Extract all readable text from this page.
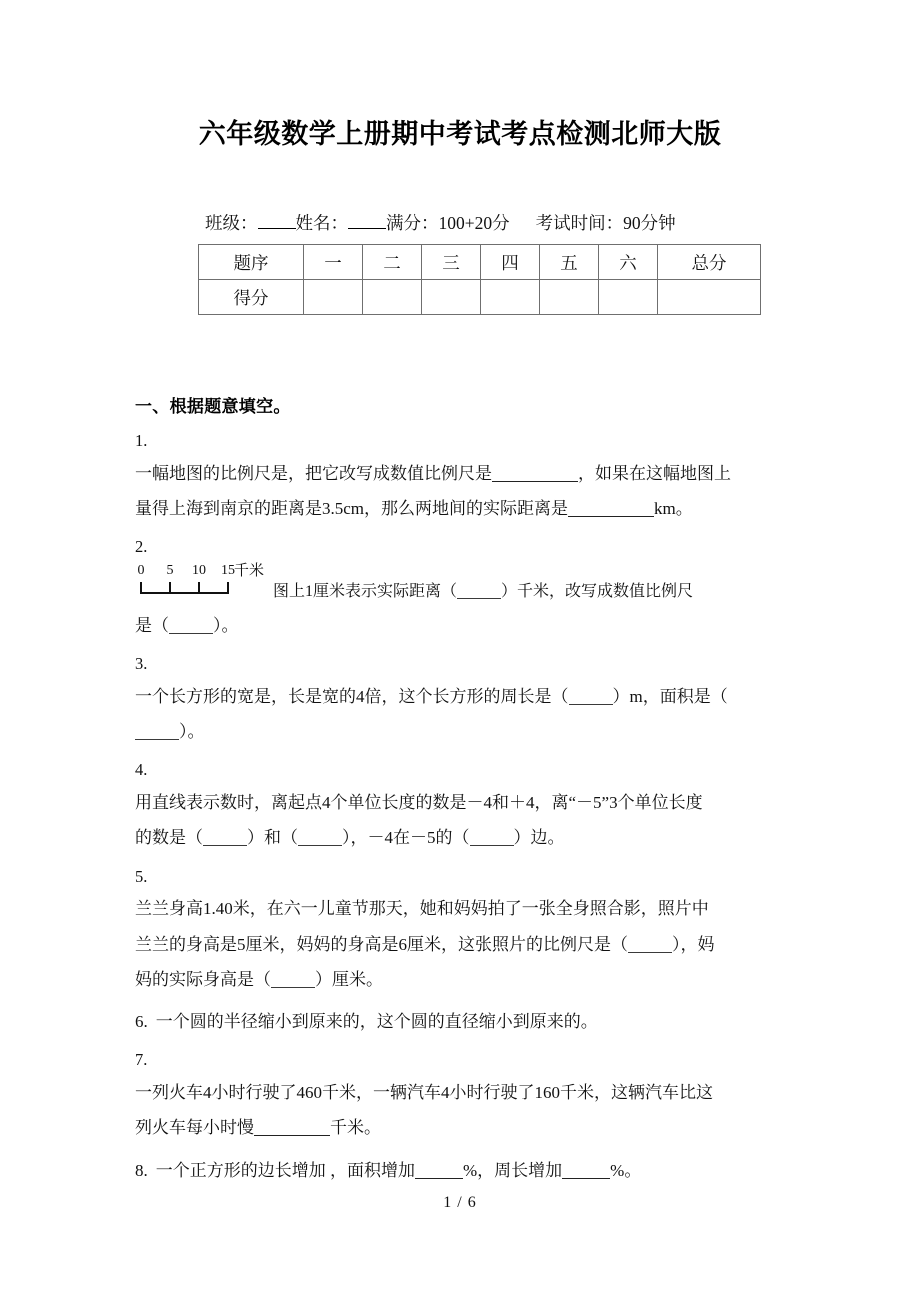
六年级数学上册期中考试考点检测北师大版
班级： 姓名： 满分：100+20分 考试时间：90分钟
题序	一	二	三	四	五	六	总分
得分							
一、根据题意填空。
1.
一幅地图的比例尺是，把它改写成数值比例尺是	，如果在这幅地图上
量得上海到南京的距离是3.5cm，那么两地间的实际距离是	km。
2.
0 5 10 15 千米
图上1厘米表示实际距离（	）千米，改写成数值比例尺
是（	）。
3.
一个长方形的宽是，长是宽的4倍，这个长方形的周长是（	）m，面积是（
）。
4.
用直线表示数时，离起点4个单位长度的数是－4和＋4，离“－5”3个单位长度
的数是（	）和（	），－4在－5的（	）边。
5.
兰兰身高1.40米，在六一儿童节那天，她和妈妈拍了一张全身照合影，照片中
兰兰的身高是5厘米，妈妈的身高是6厘米，这张照片的比例尺是（	），妈
妈的实际身高是（	）厘米。
6. 一个圆的半径缩小到原来的，这个圆的直径缩小到原来的。
7.
一列火车4小时行驶了460千米，一辆汽车4小时行驶了160千米，这辆汽车比这
列火车每小时慢	千米。
8. 一个正方形的边长增加 ，面积增加	%，周长增加	%。
1 / 6
